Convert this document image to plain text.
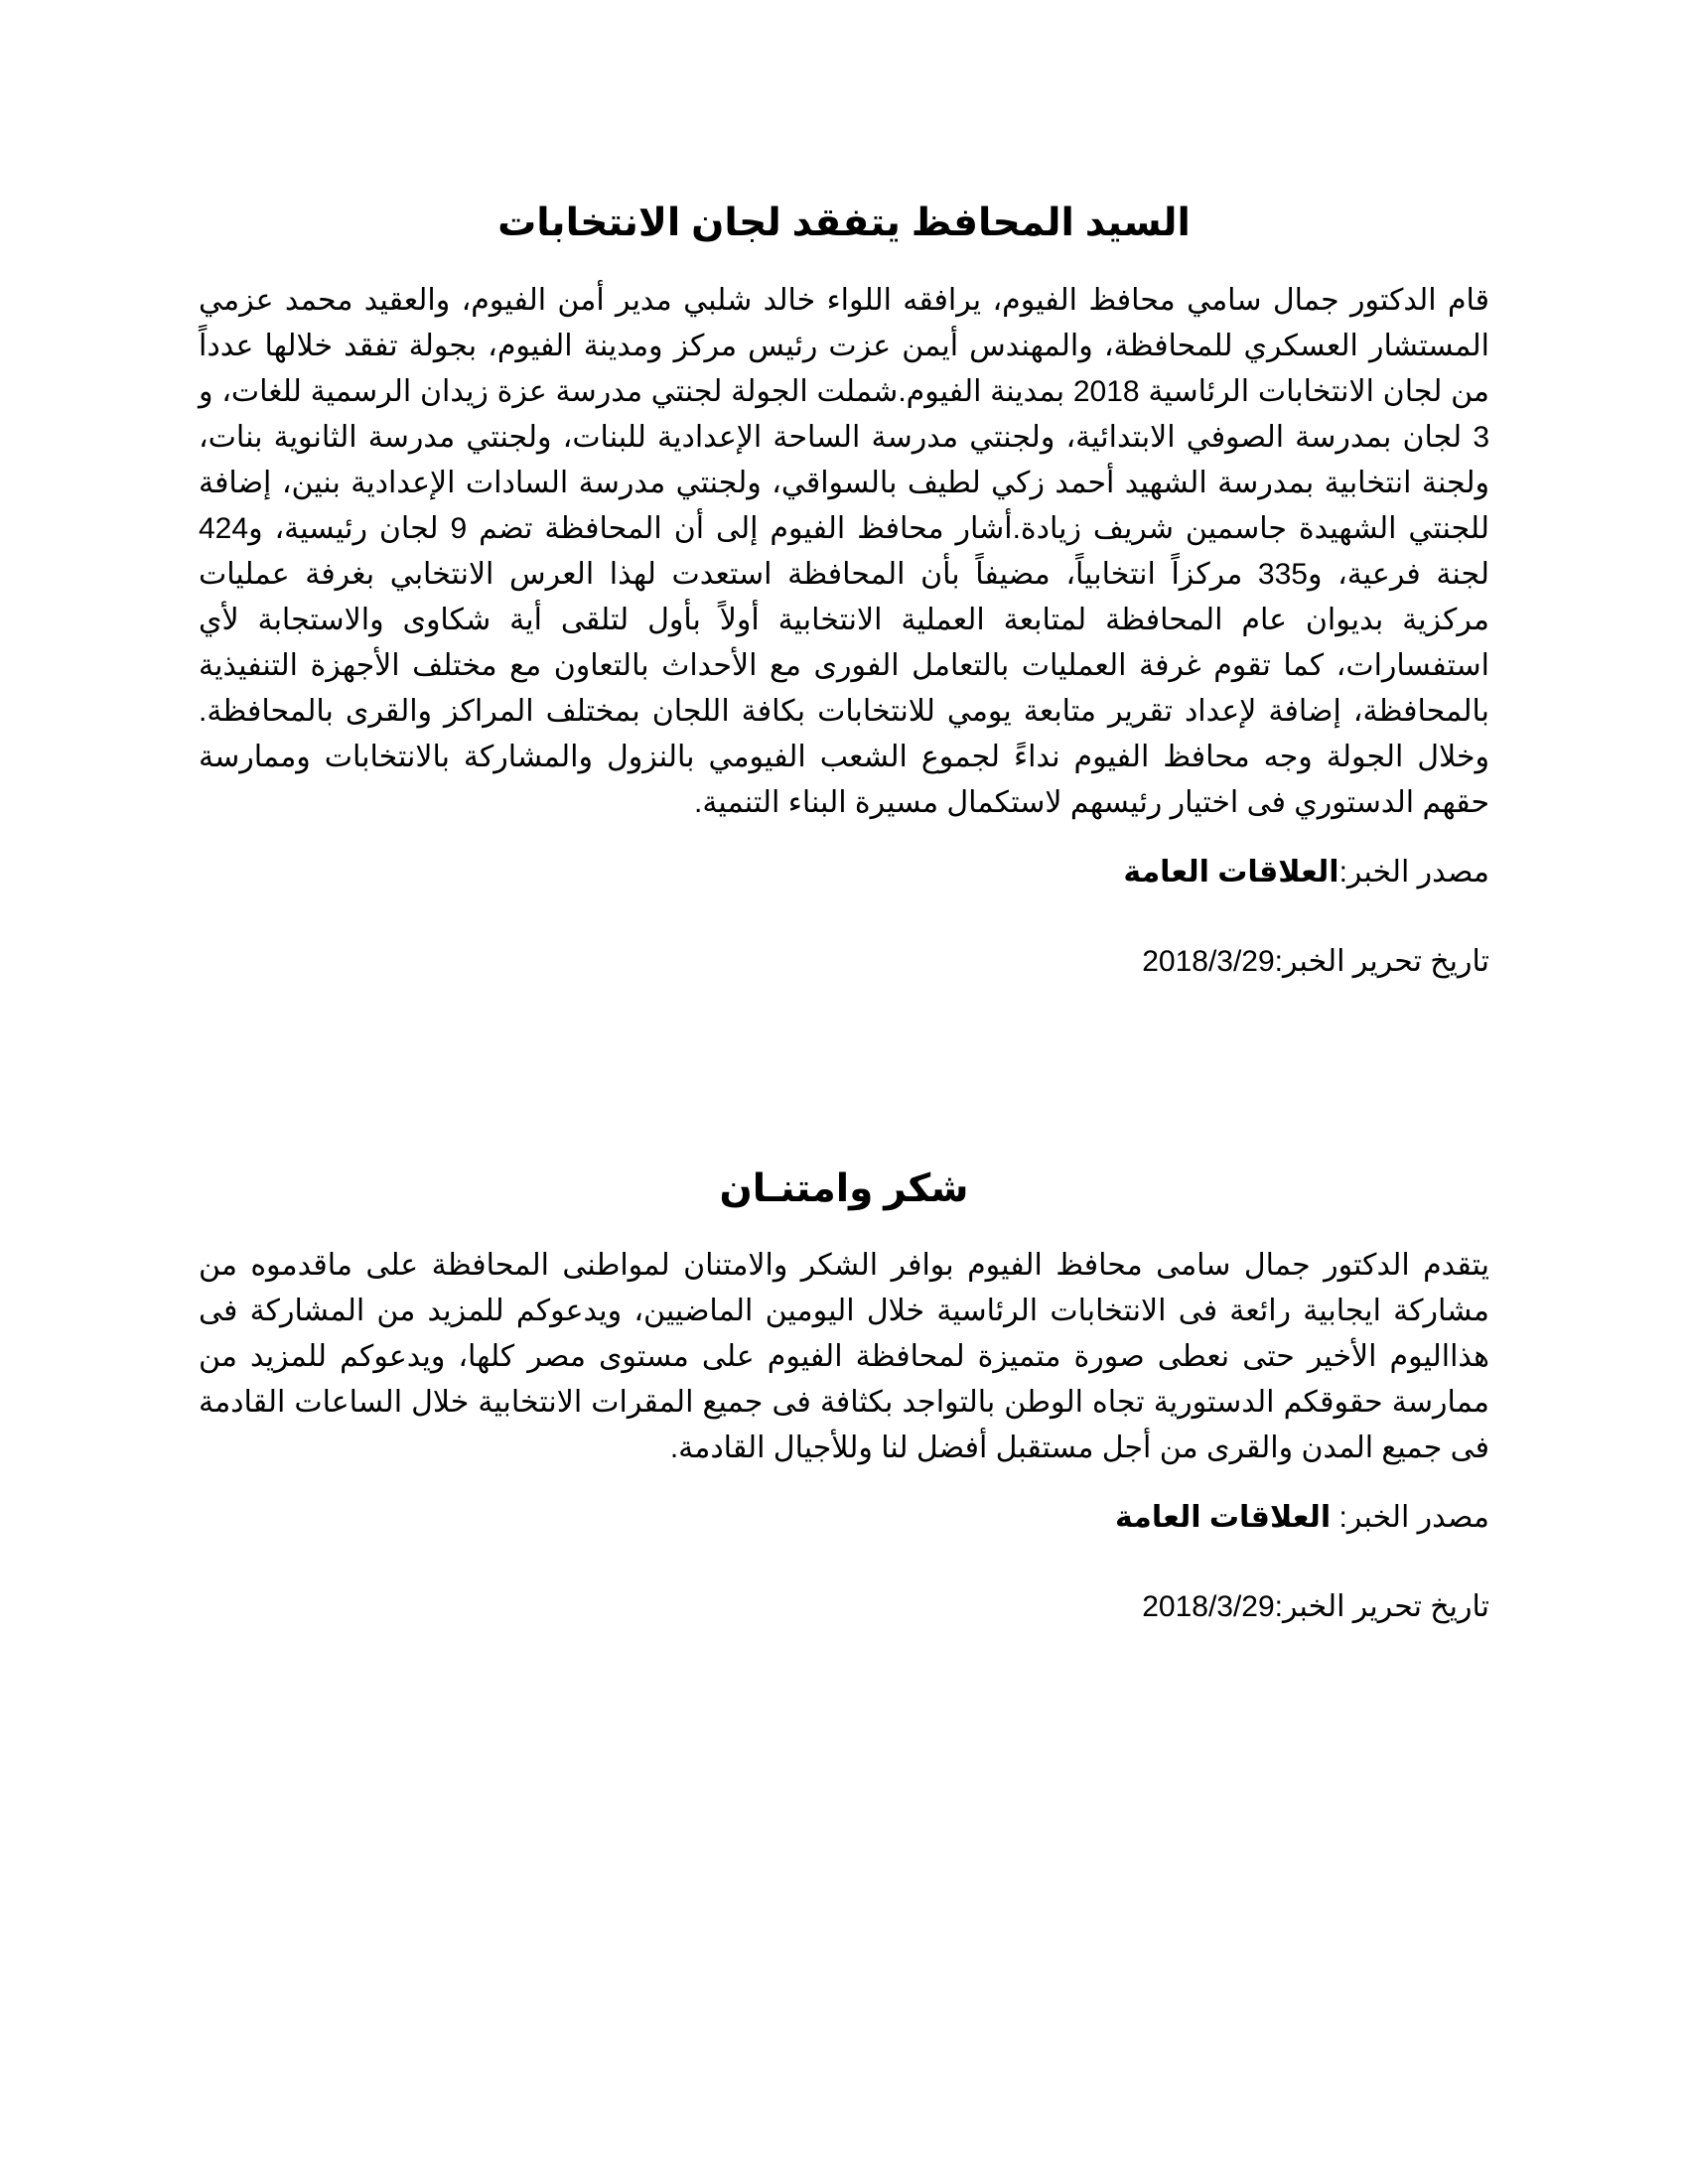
السيد المحافظ يتفقد لجان الانتخابات

قام الدكتور جمال سامي محافظ الفيوم، يرافقه اللواء خالد شلبي مدير أمن الفيوم، والعقيد محمد عزمي المستشار العسكري للمحافظة، والمهندس أيمن عزت رئيس مركز ومدينة الفيوم، بجولة تفقد خلالها عدداً من لجان الانتخابات الرئاسية 2018 بمدينة الفيوم.شملت الجولة لجنتي مدرسة عزة زيدان الرسمية للغات، و 3 لجان بمدرسة الصوفي الابتدائية، ولجنتي مدرسة الساحة الإعدادية للبنات، ولجنتي مدرسة الثانوية بنات، ولجنة انتخابية بمدرسة الشهيد أحمد زكي لطيف بالسواقي، ولجنتي مدرسة السادات الإعدادية بنين، إضافة للجنتي الشهيدة جاسمين شريف زيادة.أشار محافظ الفيوم إلى أن المحافظة تضم 9 لجان رئيسية، و424 لجنة فرعية، و335 مركزاً انتخابياً، مضيفاً بأن المحافظة استعدت لهذا العرس الانتخابي بغرفة عمليات مركزية بديوان عام المحافظة لمتابعة العملية الانتخابية أولاً بأول لتلقى أية شكاوى والاستجابة لأي استفسارات، كما تقوم غرفة العمليات بالتعامل الفورى مع الأحداث بالتعاون مع مختلف الأجهزة التنفيذية بالمحافظة، إضافة لإعداد تقرير متابعة يومي للانتخابات بكافة اللجان بمختلف المراكز والقرى بالمحافظة. وخلال الجولة وجه محافظ الفيوم نداءً لجموع الشعب الفيومي بالنزول والمشاركة بالانتخابات وممارسة حقهم الدستوري فى اختيار رئيسهم لاستكمال مسيرة البناء التنمية.

مصدر الخبر:العلاقات العامة

تاريخ تحرير الخبر:2018/3/29

شكر وامتنـان

يتقدم الدكتور جمال سامى محافظ الفيوم بوافر الشكر والامتنان لمواطنى المحافظة على ماقدموه من مشاركة ايجابية رائعة فى الانتخابات الرئاسية خلال اليومين الماضيين، ويدعوكم للمزيد من المشاركة فى هذااليوم الأخير حتى نعطى صورة متميزة لمحافظة الفيوم على مستوى مصر كلها، ويدعوكم للمزيد من ممارسة حقوقكم الدستورية تجاه الوطن بالتواجد بكثافة فى جميع المقرات الانتخابية خلال الساعات القادمة فى جميع المدن والقرى من أجل مستقبل أفضل لنا وللأجيال القادمة.

مصدر الخبر: العلاقات العامة

تاريخ تحرير الخبر:2018/3/29
